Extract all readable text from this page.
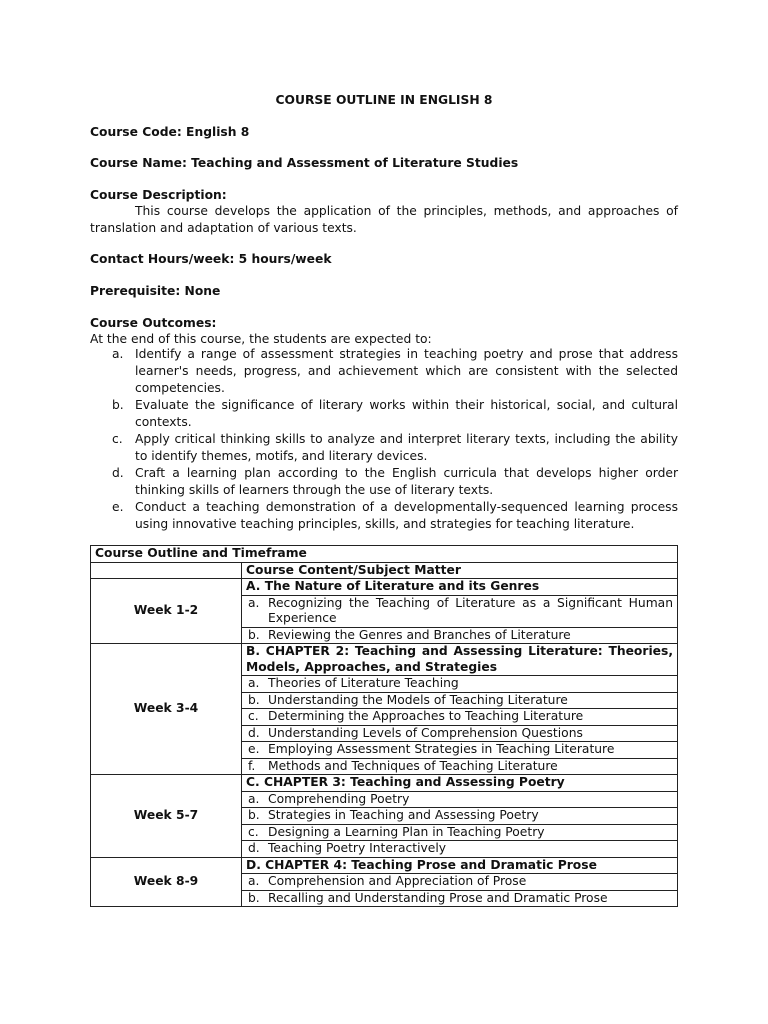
COURSE OUTLINE IN ENGLISH 8
Course Code: English 8
Course Name: Teaching and Assessment of Literature Studies
Course Description:
This course develops the application of the principles, methods, and approaches of translation and adaptation of various texts.
Contact Hours/week: 5 hours/week
Prerequisite: None
Course Outcomes:
At the end of this course, the students are expected to:
a. Identify a range of assessment strategies in teaching poetry and prose that address learner's needs, progress, and achievement which are consistent with the selected competencies.
b. Evaluate the significance of literary works within their historical, social, and cultural contexts.
c. Apply critical thinking skills to analyze and interpret literary texts, including the ability to identify themes, motifs, and literary devices.
d. Craft a learning plan according to the English curricula that develops higher order thinking skills of learners through the use of literary texts.
e. Conduct a teaching demonstration of a developmentally-sequenced learning process using innovative teaching principles, skills, and strategies for teaching literature.
Course Outline and Timeframe	
	Course Content/Subject Matter
Week 1-2	A. The Nature of Literature and its Genres

	a. Recognizing the Teaching of Literature as a Significant Human Experience

	b. Reviewing the Genres and Branches of Literature
Week 3-4	B. CHAPTER 2: Teaching and Assessing Literature: Theories, Models, Approaches, and Strategies

	a. Theories of Literature Teaching

	b. Understanding the Models of Teaching Literature

	c. Determining the Approaches to Teaching Literature

	d. Understanding Levels of Comprehension Questions

	e. Employing Assessment Strategies in Teaching Literature

	f. Methods and Techniques of Teaching Literature
Week 5-7	C. CHAPTER 3: Teaching and Assessing Poetry

	a. Comprehending Poetry

	b. Strategies in Teaching and Assessing Poetry

	c. Designing a Learning Plan in Teaching Poetry

	d. Teaching Poetry Interactively
Week 8-9	D. CHAPTER 4: Teaching Prose and Dramatic Prose

	a. Comprehension and Appreciation of Prose

	b. Recalling and Understanding Prose and Dramatic Prose
